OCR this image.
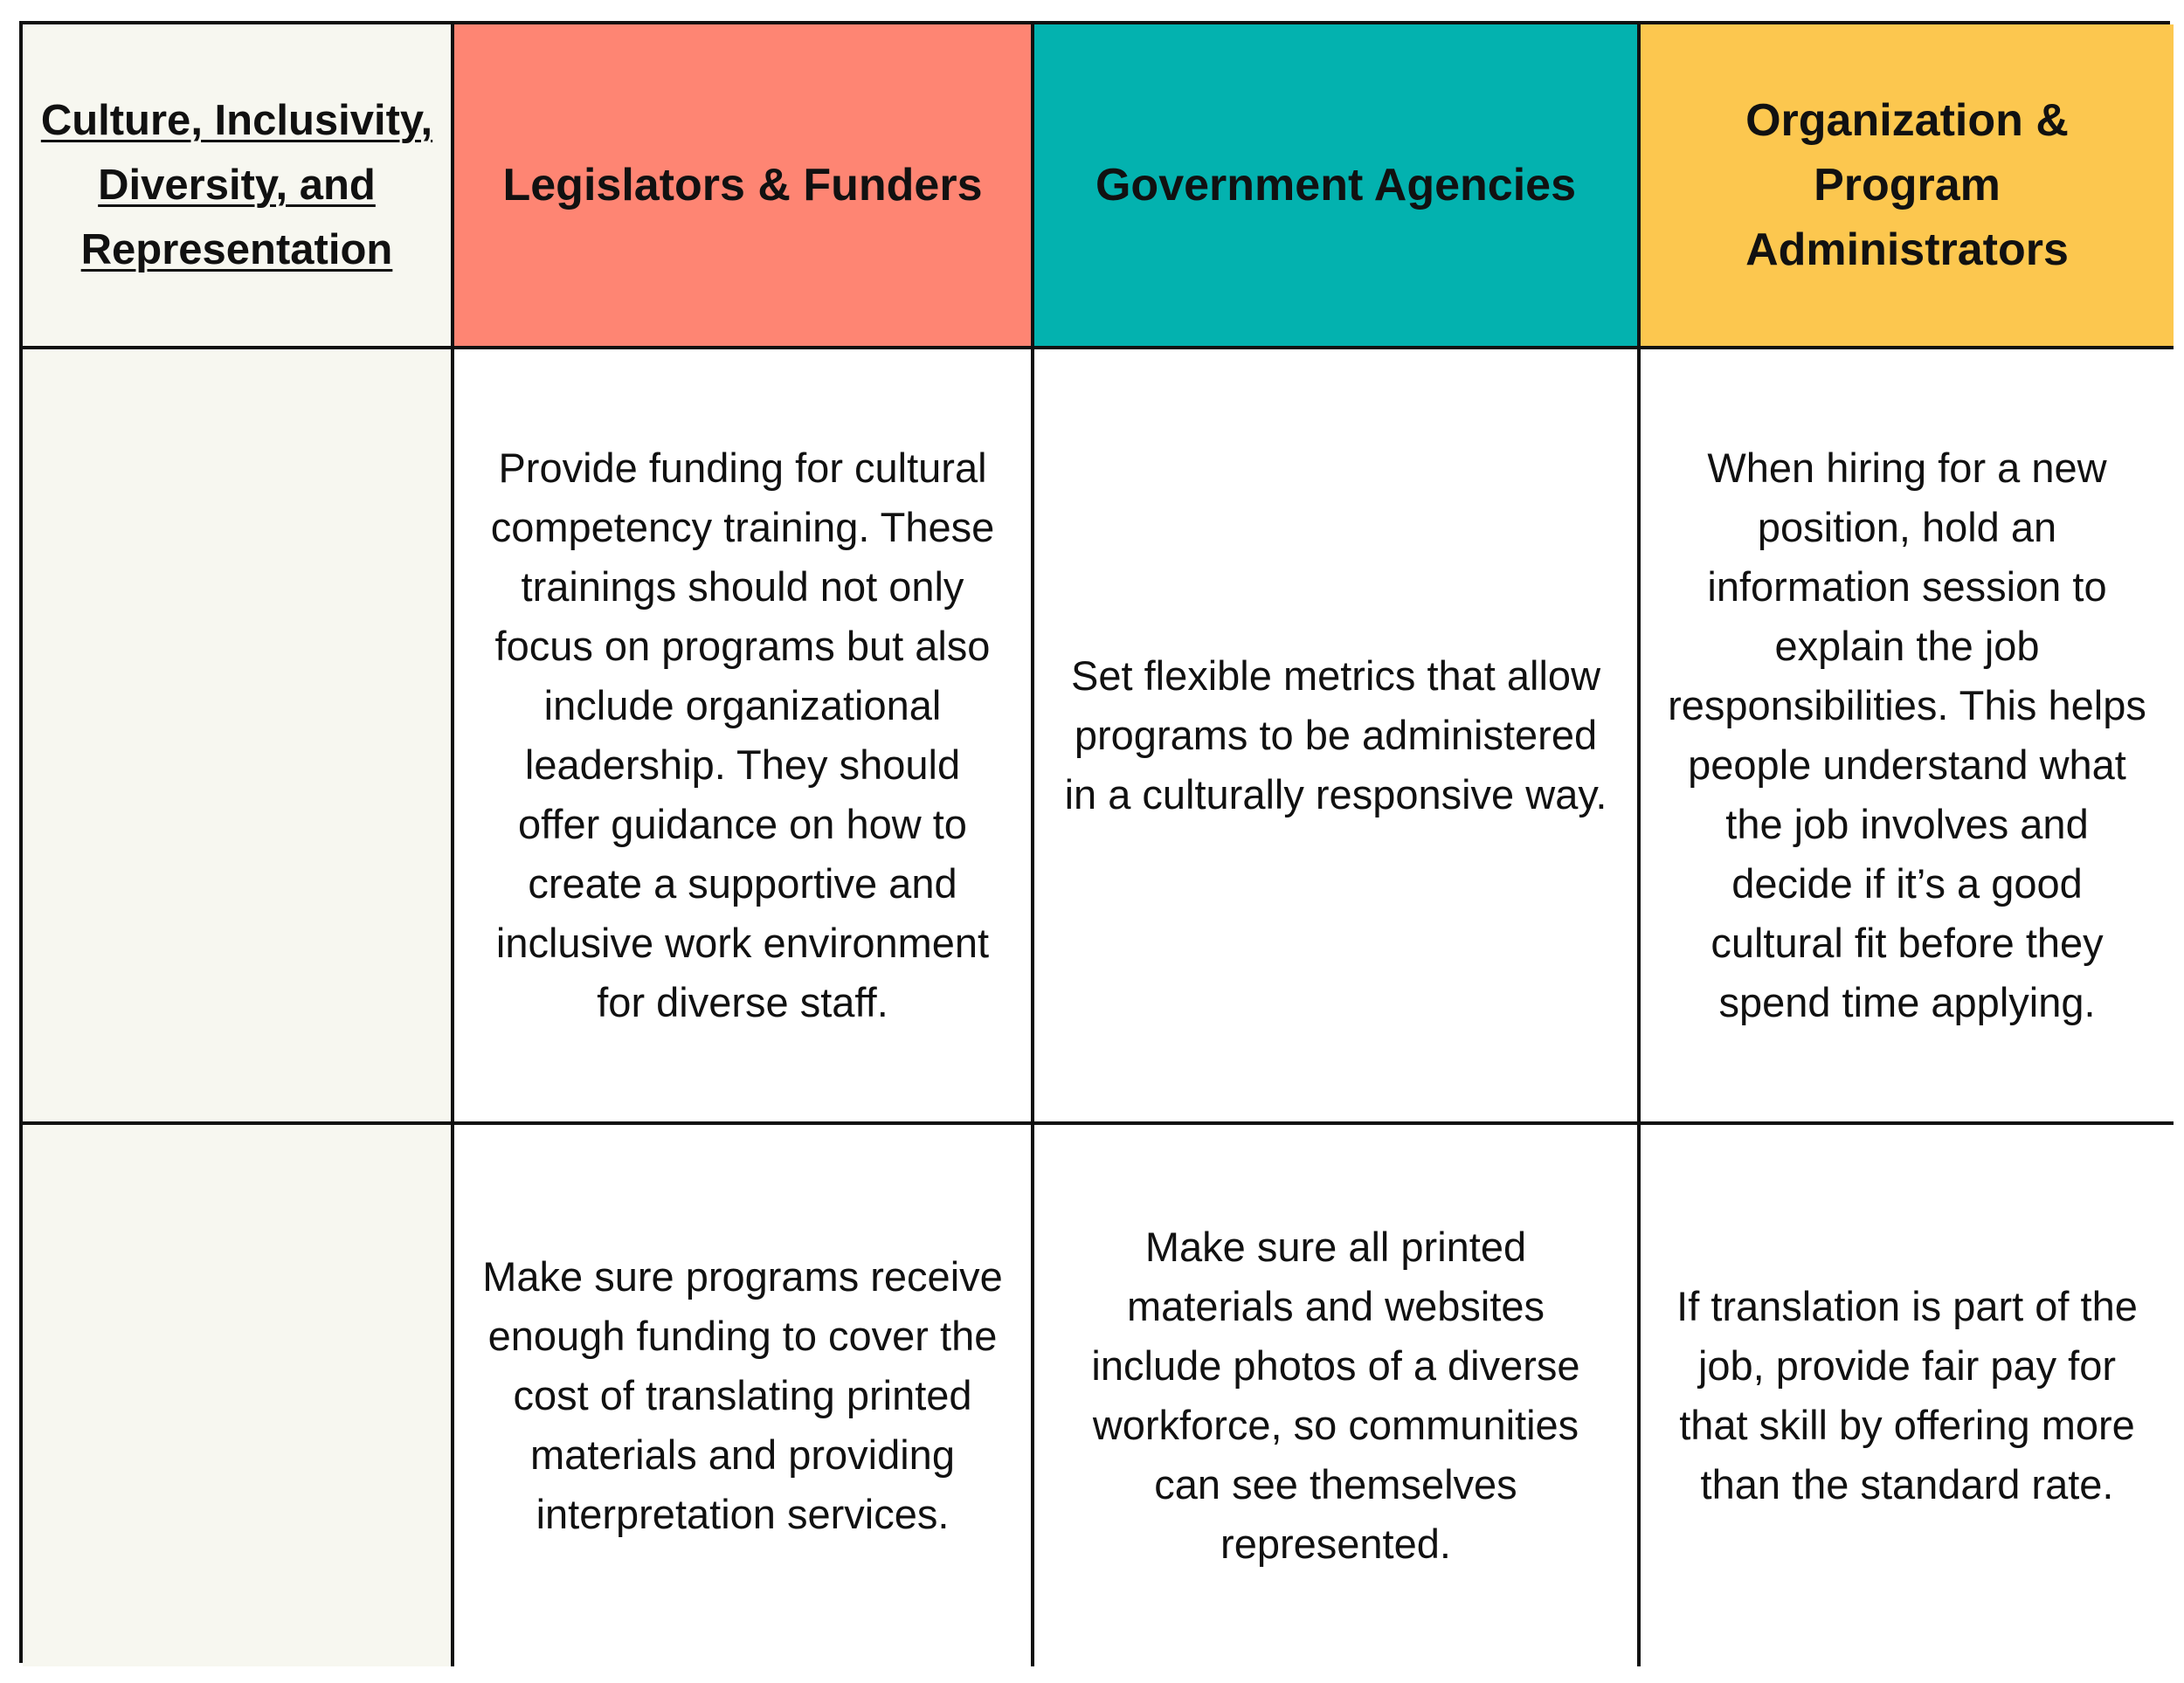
Culture, Inclusivity, Diversity, and Representation
Legislators & Funders Government Agencies
Organization & Program Administrators
Provide funding for cultural competency training. These trainings should not only focus on programs but also include organizational leadership. They should offer guidance on how to create a supportive and inclusive work environment for diverse staff.
Set flexible metrics that allow programs to be administered in a culturally responsive way.
When hiring for a new position, hold an information session to explain the job responsibilities. This helps people understand what the job involves and decide if it’s a good cultural fit before they spend time applying.
Make sure programs receive enough funding to cover the cost of translating printed materials and providing interpretation services.
Make sure all printed materials and websites include photos of a diverse workforce, so communities can see themselves represented.
If translation is part of the job, provide fair pay for that skill by offering more than the standard rate.
